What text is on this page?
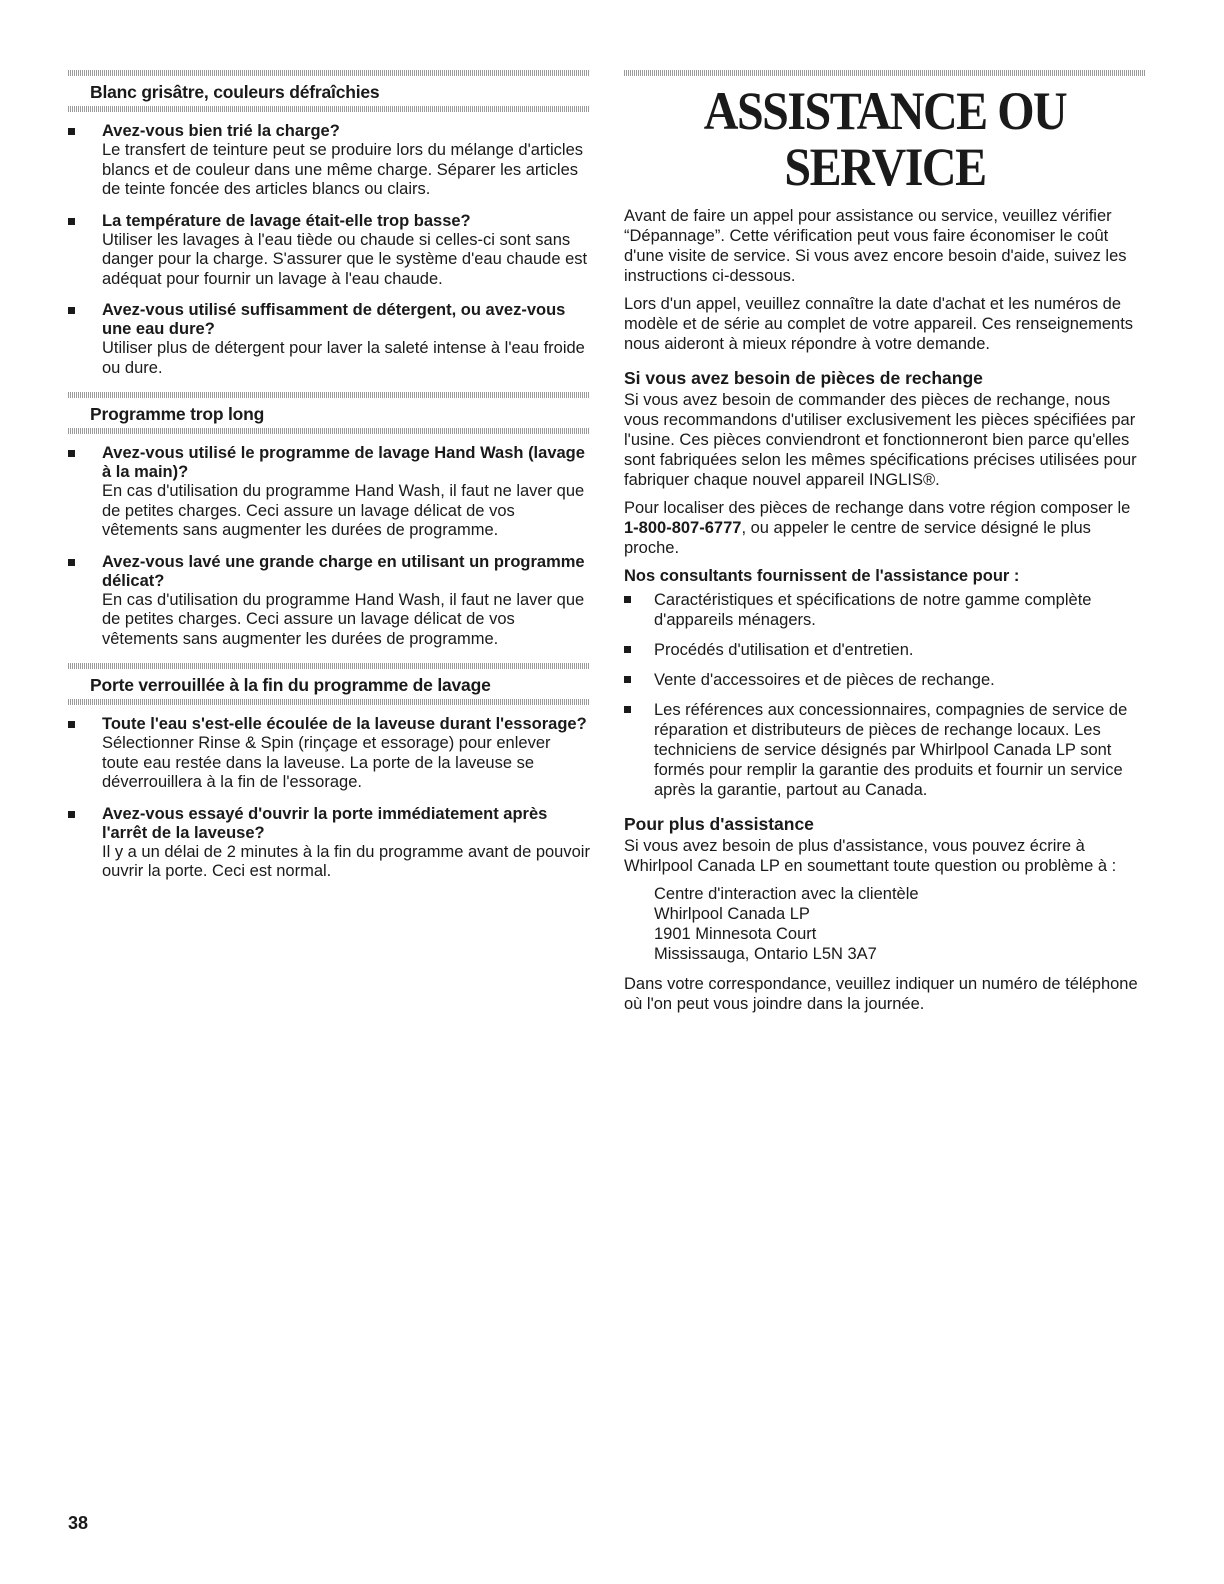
Blanc grisâtre, couleurs défraîchies

Avez-vous bien trié la charge?

Le transfert de teinture peut se produire lors du mélange d'articles blancs et de couleur dans une même charge. Séparer les articles de teinte foncée des articles blancs ou clairs.

La température de lavage était-elle trop basse?

Utiliser les lavages à l'eau tiède ou chaude si celles-ci sont sans danger pour la charge. S'assurer que le système d'eau chaude est adéquat pour fournir un lavage à l'eau chaude.

Avez-vous utilisé suffisamment de détergent, ou avez-vous une eau dure?

Utiliser plus de détergent pour laver la saleté intense à l'eau froide ou dure.

Programme trop long

Avez-vous utilisé le programme de lavage Hand Wash (lavage à la main)?

En cas d'utilisation du programme Hand Wash, il faut ne laver que de petites charges. Ceci assure un lavage délicat de vos vêtements sans augmenter les durées de programme.

Avez-vous lavé une grande charge en utilisant un programme délicat?

En cas d'utilisation du programme Hand Wash, il faut ne laver que de petites charges. Ceci assure un lavage délicat de vos vêtements sans augmenter les durées de programme.

Porte verrouillée à la fin du programme de lavage

Toute l'eau s'est-elle écoulée de la laveuse durant l'essorage?

Sélectionner Rinse & Spin (rinçage et essorage) pour enlever toute eau restée dans la laveuse. La porte de la laveuse se déverrouillera à la fin de l'essorage.

Avez-vous essayé d'ouvrir la porte immédiatement après l'arrêt de la laveuse?

Il y a un délai de 2 minutes à la fin du programme avant de pouvoir ouvrir la porte. Ceci est normal.

ASSISTANCE OU SERVICE

Avant de faire un appel pour assistance ou service, veuillez vérifier “Dépannage”. Cette vérification peut vous faire économiser le coût d'une visite de service. Si vous avez encore besoin d'aide, suivez les instructions ci-dessous.

Lors d'un appel, veuillez connaître la date d'achat et les numéros de modèle et de série au complet de votre appareil. Ces renseignements nous aideront à mieux répondre à votre demande.

Si vous avez besoin de pièces de rechange

Si vous avez besoin de commander des pièces de rechange, nous vous recommandons d'utiliser exclusivement les pièces spécifiées par l'usine. Ces pièces conviendront et fonctionneront bien parce qu'elles sont fabriquées selon les mêmes spécifications précises utilisées pour fabriquer chaque nouvel appareil INGLIS®.

Pour localiser des pièces de rechange dans votre région composer le 1-800-807-6777, ou appeler le centre de service désigné le plus proche.

Nos consultants fournissent de l'assistance pour :

Caractéristiques et spécifications de notre gamme complète d'appareils ménagers.
Procédés d'utilisation et d'entretien.
Vente d'accessoires et de pièces de rechange.
Les références aux concessionnaires, compagnies de service de réparation et distributeurs de pièces de rechange locaux. Les techniciens de service désignés par Whirlpool Canada LP sont formés pour remplir la garantie des produits et fournir un service après la garantie, partout au Canada.
Pour plus d'assistance

Si vous avez besoin de plus d'assistance, vous pouvez écrire à Whirlpool Canada LP en soumettant toute question ou problème à :

Centre d'interaction avec la clientèle
Whirlpool Canada LP
1901 Minnesota Court
Mississauga, Ontario L5N 3A7

Dans votre correspondance, veuillez indiquer un numéro de téléphone où l'on peut vous joindre dans la journée.

38
